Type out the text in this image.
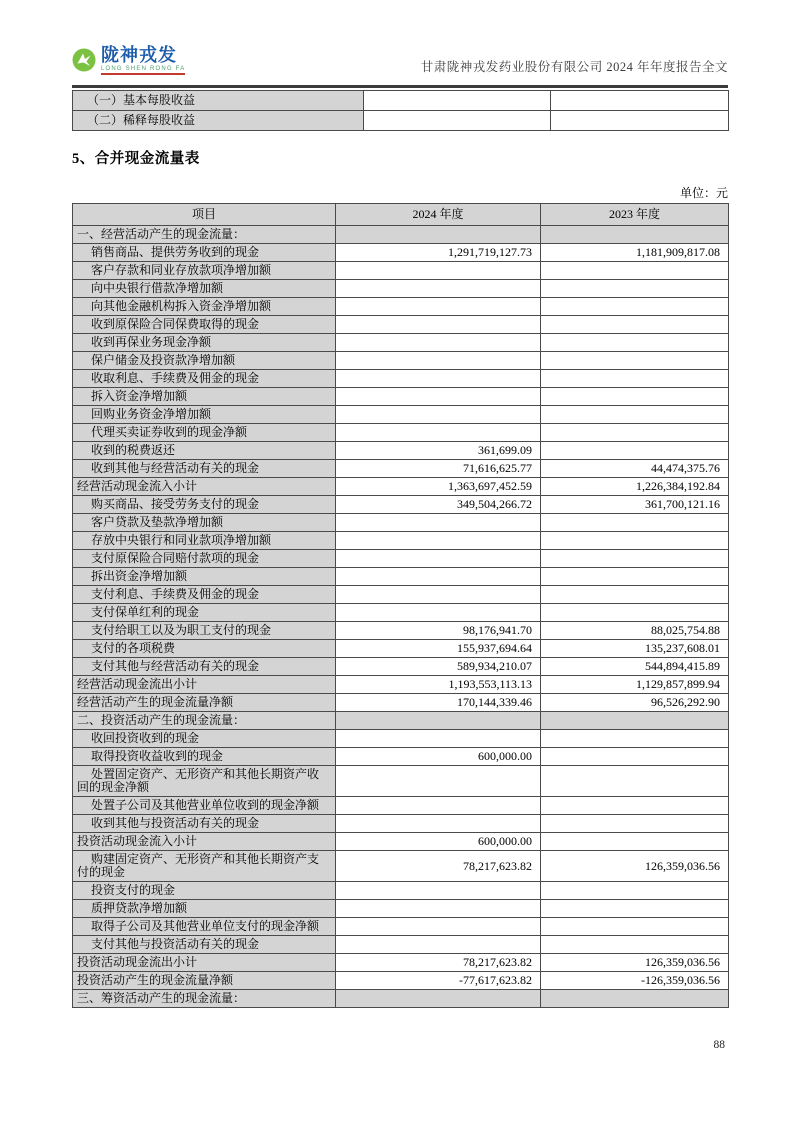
陇神戎发
LONG SHEN RONG FA	甘肃陇神戎发药业股份有限公司 2024 年年度报告全文
（一）基本每股收益		
（二）稀释每股收益		
5、合并现金流量表
单位：元
项目	2024 年度	2023 年度
一、经营活动产生的现金流量：		
销售商品、提供劳务收到的现金	1,291,719,127.73	1,181,909,817.08
客户存款和同业存放款项净增加额		
向中央银行借款净增加额		
向其他金融机构拆入资金净增加额		
收到原保险合同保费取得的现金		
收到再保业务现金净额		
保户储金及投资款净增加额		
收取利息、手续费及佣金的现金		
拆入资金净增加额		
回购业务资金净增加额		
代理买卖证券收到的现金净额		
收到的税费返还	361,699.09	
收到其他与经营活动有关的现金	71,616,625.77	44,474,375.76
经营活动现金流入小计	1,363,697,452.59	1,226,384,192.84
购买商品、接受劳务支付的现金	349,504,266.72	361,700,121.16
客户贷款及垫款净增加额		
存放中央银行和同业款项净增加额		
支付原保险合同赔付款项的现金		
拆出资金净增加额		
支付利息、手续费及佣金的现金		
支付保单红利的现金		
支付给职工以及为职工支付的现金	98,176,941.70	88,025,754.88
支付的各项税费	155,937,694.64	135,237,608.01
支付其他与经营活动有关的现金	589,934,210.07	544,894,415.89
经营活动现金流出小计	1,193,553,113.13	1,129,857,899.94
经营活动产生的现金流量净额	170,144,339.46	96,526,292.90
二、投资活动产生的现金流量：		
收回投资收到的现金		
取得投资收益收到的现金	600,000.00	
处置固定资产、无形资产和其他长期资产收回的现金净额		
处置子公司及其他营业单位收到的现金净额		
收到其他与投资活动有关的现金		
投资活动现金流入小计	600,000.00	
购建固定资产、无形资产和其他长期资产支付的现金	78,217,623.82	126,359,036.56
投资支付的现金		
质押贷款净增加额		
取得子公司及其他营业单位支付的现金净额		
支付其他与投资活动有关的现金		
投资活动现金流出小计	78,217,623.82	126,359,036.56
投资活动产生的现金流量净额	-77,617,623.82	-126,359,036.56
三、筹资活动产生的现金流量：		
88
